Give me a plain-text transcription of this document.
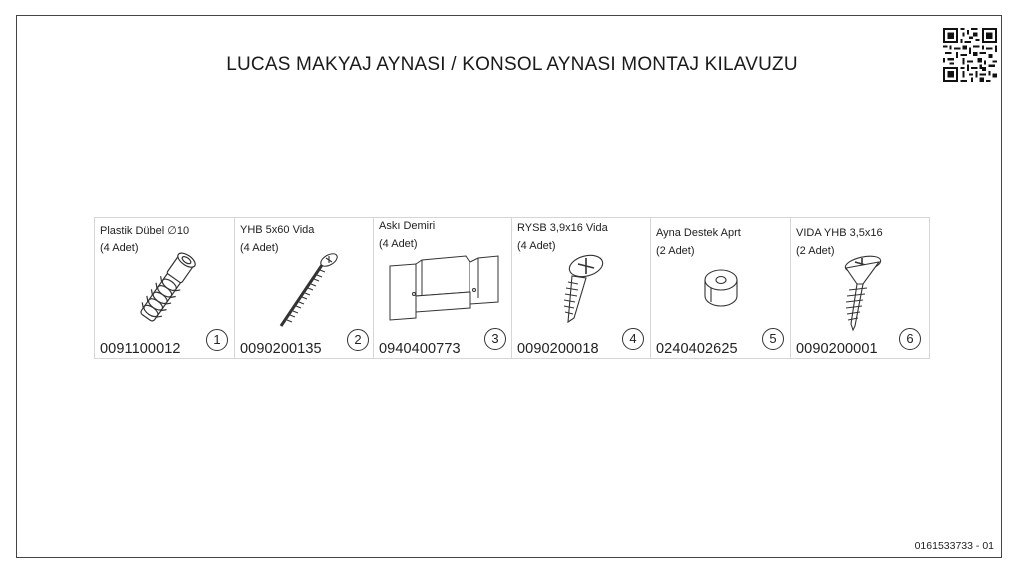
LUCAS MAKYAJ AYNASI / KONSOL AYNASI MONTAJ KILAVUZU
Plastik Dübel ∅10
(4 Adet)
1
0091100012
YHB 5x60 Vida
(4 Adet)
2
0090200135
Askı Demiri
(4 Adet)
3
0940400773
RYSB 3,9x16 Vida
(4 Adet)
4
0090200018
Ayna Destek Aprt
(2 Adet)
5
0240402625
VIDA YHB 3,5x16
(2 Adet)
6
0090200001
0161533733 - 01
